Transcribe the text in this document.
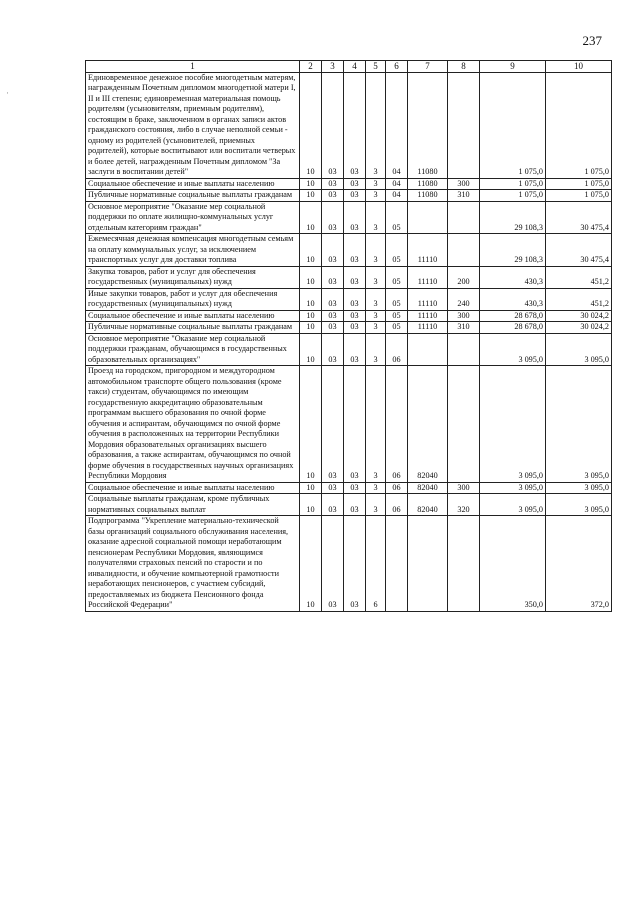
237
·
1	2	3	4	5	6	7	8	9	10
Единовременное денежное пособие многодетным матерям, награжденным Почетным дипломом многодетной матери I, II и III степени; единовременная материальная помощь родителям (усыновителям, приемным родителям), состоящим в браке, заключенном в органах записи актов гражданского состояния, либо в случае неполной семьи - одному из родителей (усыновителей, приемных родителей), которые воспитывают или воспитали четверых и более детей, награжденным Почетным дипломом "За заслуги в воспитании детей"	10	03	03	3	04	11080		1 075,0	1 075,0
Социальное обеспечение и иные выплаты населению	10	03	03	3	04	11080	300	1 075,0	1 075,0
Публичные нормативные социальные выплаты гражданам	10	03	03	3	04	11080	310	1 075,0	1 075,0
Основное мероприятие "Оказание мер социальной поддержки по оплате жилищно-коммунальных услуг отдельным категориям граждан"	10	03	03	3	05			29 108,3	30 475,4
Ежемесячная денежная компенсация многодетным семьям на оплату коммунальных услуг, за исключением транспортных услуг для доставки топлива	10	03	03	3	05	11110		29 108,3	30 475,4
Закупка товаров, работ и услуг для обеспечения государственных (муниципальных) нужд	10	03	03	3	05	11110	200	430,3	451,2
Иные закупки товаров, работ и услуг для обеспечения государственных (муниципальных) нужд	10	03	03	3	05	11110	240	430,3	451,2
Социальное обеспечение и иные выплаты населению	10	03	03	3	05	11110	300	28 678,0	30 024,2
Публичные нормативные социальные выплаты гражданам	10	03	03	3	05	11110	310	28 678,0	30 024,2
Основное мероприятие "Оказание мер социальной поддержки гражданам, обучающимся в государственных образовательных организациях"	10	03	03	3	06			3 095,0	3 095,0
Проезд на городском, пригородном и междугородном автомобильном транспорте общего пользования (кроме такси) студентам, обучающимся по имеющим государственную аккредитацию образовательным программам высшего образования по очной форме обучения и аспирантам, обучающимся по очной форме обучения в расположенных на территории Республики Мордовия образовательных организациях высшего образования, а также аспирантам, обучающимся по очной форме обучения в государственных научных организациях Республики Мордовия	10	03	03	3	06	82040		3 095,0	3 095,0
Социальное обеспечение и иные выплаты населению	10	03	03	3	06	82040	300	3 095,0	3 095,0
Социальные выплаты гражданам, кроме публичных нормативных социальных выплат	10	03	03	3	06	82040	320	3 095,0	3 095,0
Подпрограмма "Укрепление материально-технической базы организаций социального обслуживания населения, оказание адресной социальной помощи неработающим пенсионерам Республики Мордовия, являющимся получателями страховых пенсий по старости и по инвалидности, и обучение компьютерной грамотности неработающих пенсионеров, с участием субсидий, предоставляемых из бюджета Пенсионного фонда Российской Федерации"	10	03	03	6				350,0	372,0
